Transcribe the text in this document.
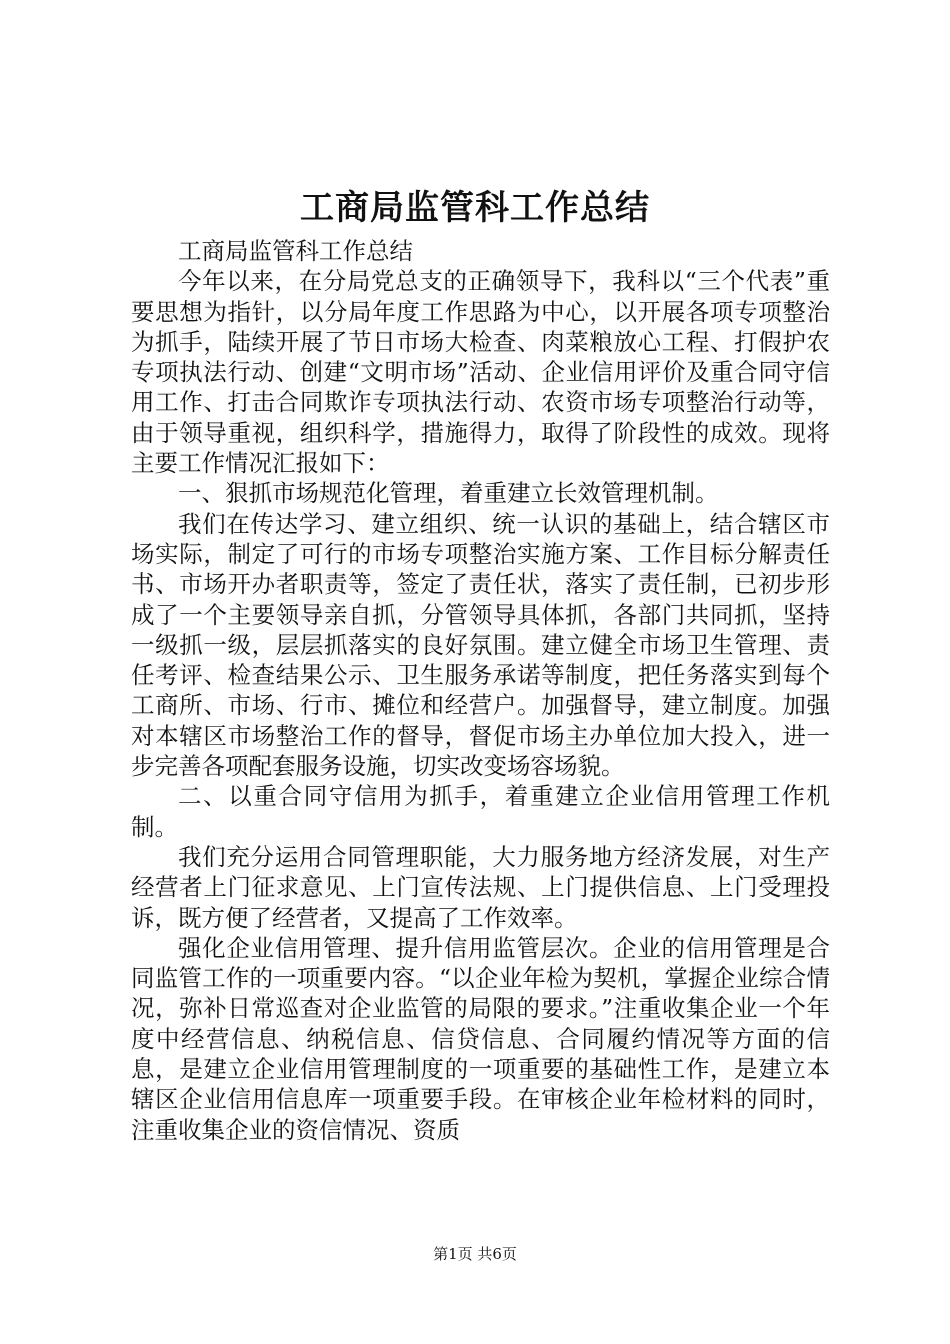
工商局监管科工作总结

工商局监管科工作总结

今年以来，在分局党总支的正确领导下，我科以“三个代表”重要思想为指针，以分局年度工作思路为中心，以开展各项专项整治为抓手，陆续开展了节日市场大检查、肉菜粮放心工程、打假护农专项执法行动、创建“文明市场”活动、企业信用评价及重合同守信用工作、打击合同欺诈专项执法行动、农资市场专项整治行动等，由于领导重视，组织科学，措施得力，取得了阶段性的成效。现将主要工作情况汇报如下：

一、狠抓市场规范化管理，着重建立长效管理机制。

我们在传达学习、建立组织、统一认识的基础上，结合辖区市场实际，制定了可行的市场专项整治实施方案、工作目标分解责任书、市场开办者职责等，签定了责任状，落实了责任制，已初步形成了一个主要领导亲自抓，分管领导具体抓，各部门共同抓，坚持一级抓一级，层层抓落实的良好氛围。建立健全市场卫生管理、责任考评、检查结果公示、卫生服务承诺等制度，把任务落实到每个工商所、市场、行市、摊位和经营户。加强督导，建立制度。加强对本辖区市场整治工作的督导，督促市场主办单位加大投入，进一步完善各项配套服务设施，切实改变场容场貌。

二、以重合同守信用为抓手，着重建立企业信用管理工作机制。

我们充分运用合同管理职能，大力服务地方经济发展，对生产经营者上门征求意见、上门宣传法规、上门提供信息、上门受理投诉，既方便了经营者，又提高了工作效率。

强化企业信用管理、提升信用监管层次。企业的信用管理是合同监管工作的一项重要内容。“以企业年检为契机，掌握企业综合情况，弥补日常巡查对企业监管的局限的要求。”注重收集企业一个年度中经营信息、纳税信息、信贷信息、合同履约情况等方面的信息，是建立企业信用管理制度的一项重要的基础性工作，是建立本辖区企业信用信息库一项重要手段。在审核企业年检材料的同时，注重收集企业的资信情况、资质

第1页 共6页
